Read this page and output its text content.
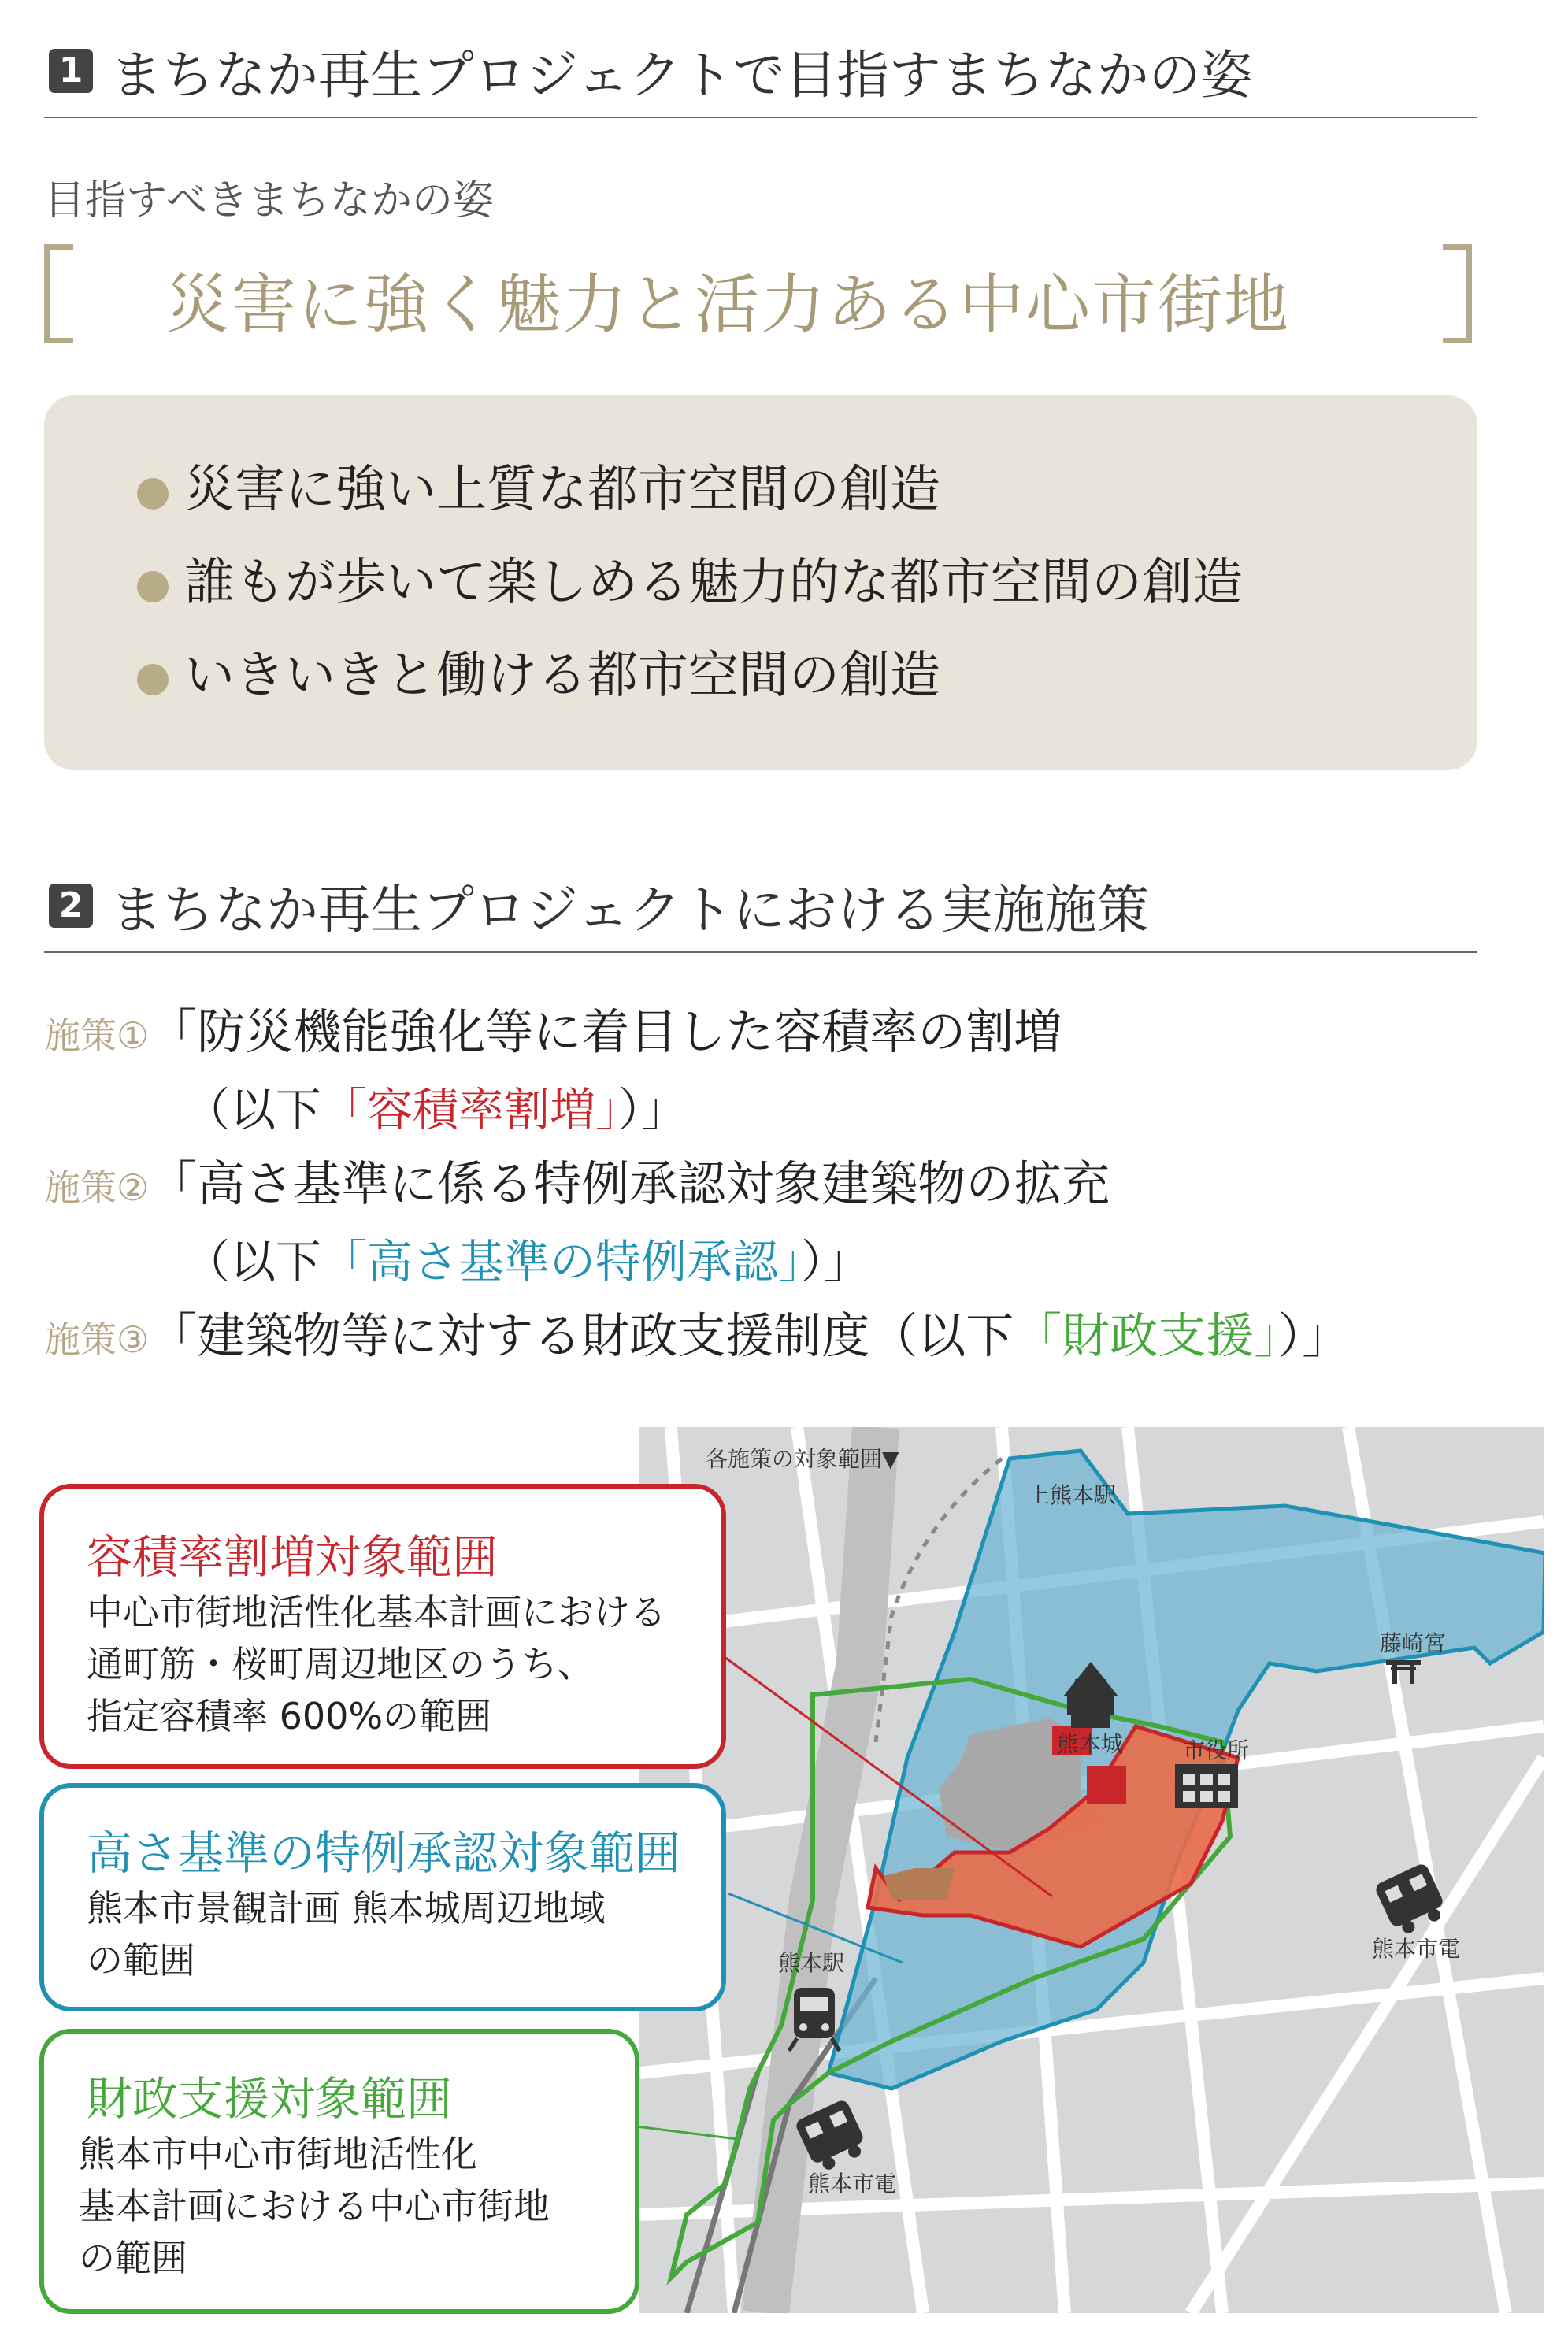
1 まちなか再生プロジェクトで目指すまちなかの姿
目指すべきまちなかの姿
災害に強く魅力と活力ある中心市街地
災害に強い上質な都市空間の創造
誰もが歩いて楽しめる魅力的な都市空間の創造
いきいきと働ける都市空間の創造
2 まちなか再生プロジェクトにおける実施施策
施策①「防災機能強化等に着目した容積率の割増
（以下「容積率割増」）」
施策②「高さ基準に係る特例承認対象建築物の拡充
（以下「高さ基準の特例承認」）」
施策③「建築物等に対する財政支援制度（以下「財政支援」）」
各施策の対象範囲▼
上熊本駅
熊本城	市役所
藤崎宮
熊本市電
熊本駅
熊本市電
容積率割増対象範囲
中心市街地活性化基本計画における
通町筋・桜町周辺地区のうち、
指定容積率 600%の範囲
高さ基準の特例承認対象範囲
熊本市景観計画 熊本城周辺地域
の範囲
財政支援対象範囲
熊本市中心市街地活性化
基本計画における中心市街地
の範囲
